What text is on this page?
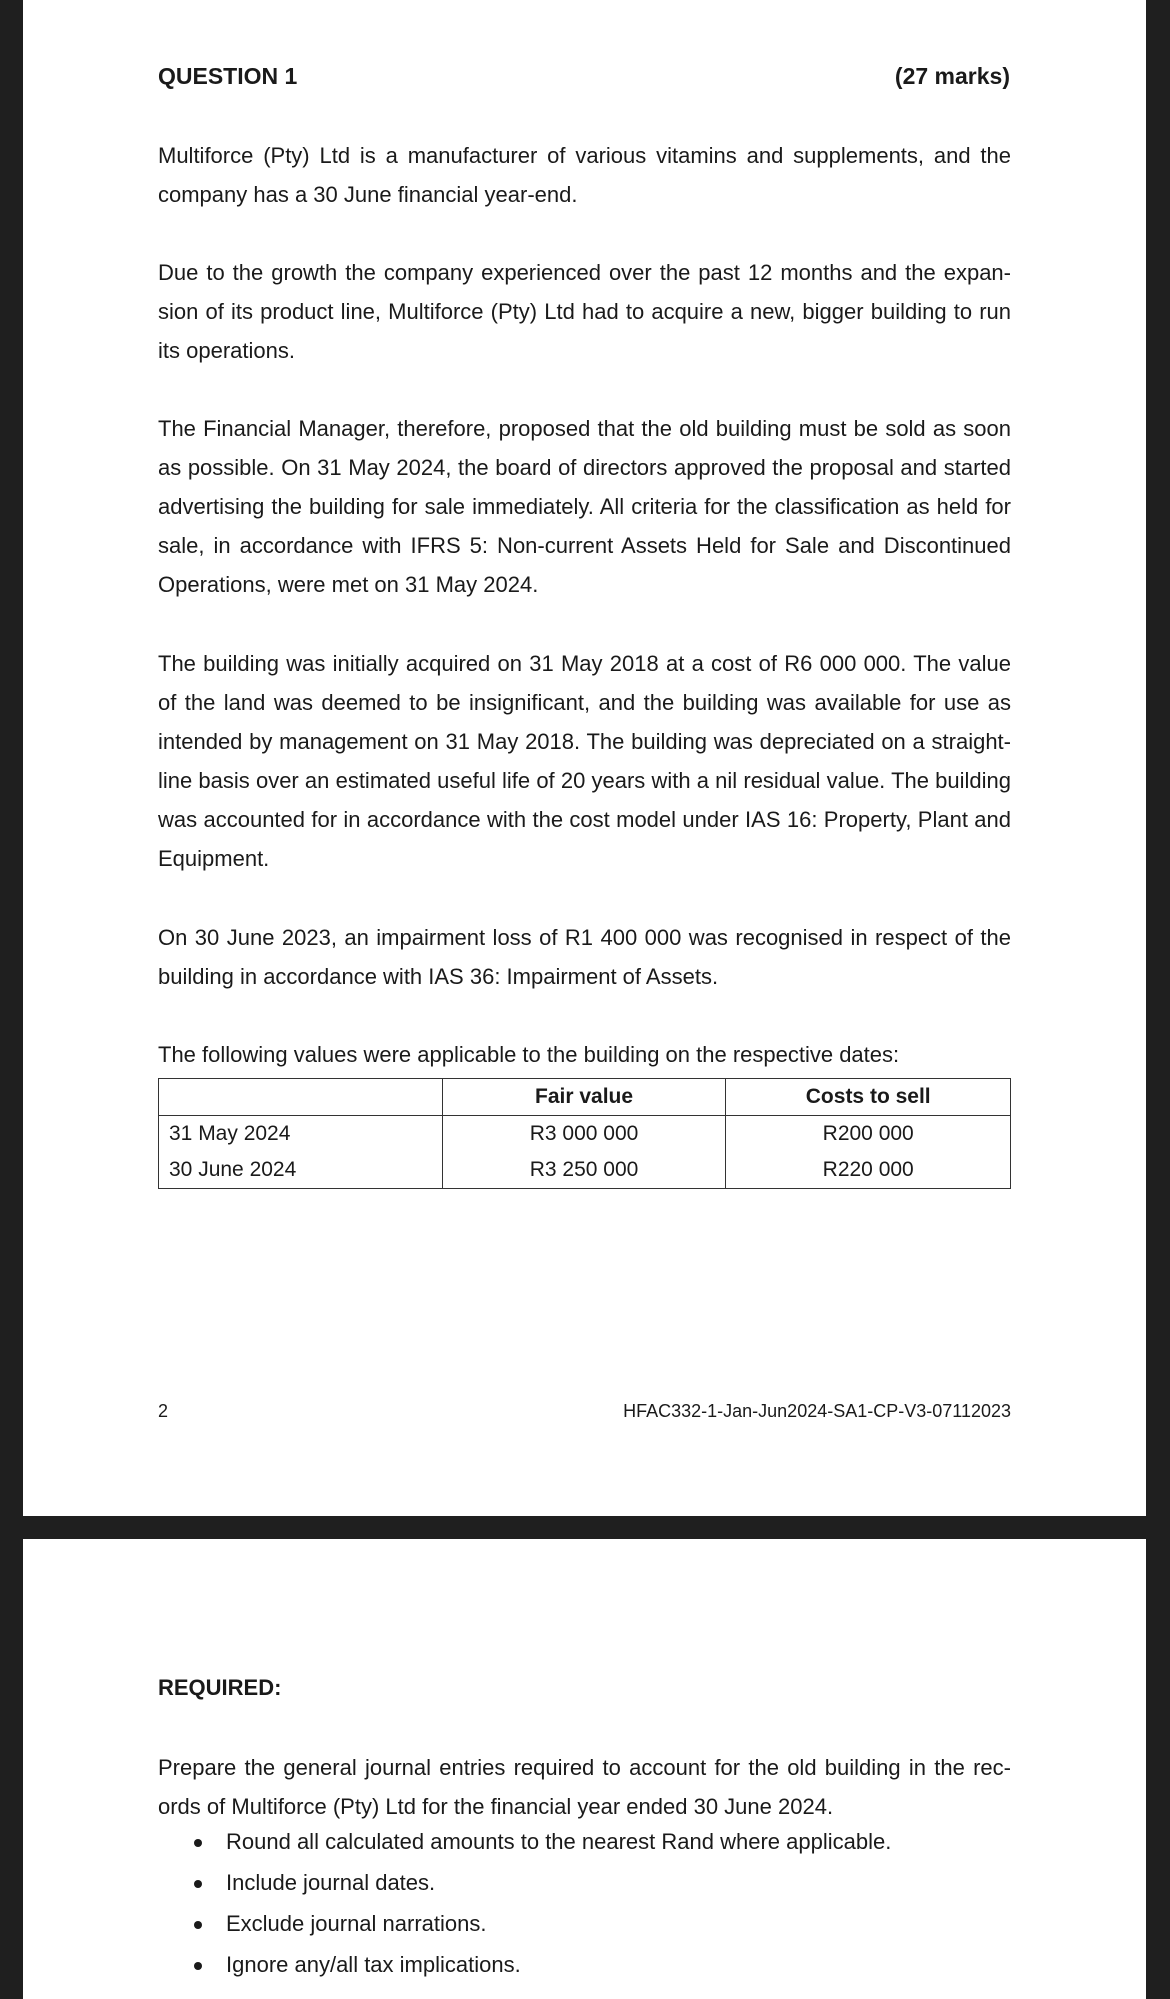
QUESTION 1	(27 marks)

Multiforce (Pty) Ltd is a manufacturer of various vitamins and supplements, and the company has a 30 June financial year-end.

Due to the growth the company experienced over the past 12 months and the expansion of its product line, Multiforce (Pty) Ltd had to acquire a new, bigger building to run its operations.

The Financial Manager, therefore, proposed that the old building must be sold as soon as possible. On 31 May 2024, the board of directors approved the proposal and started advertising the building for sale immediately. All criteria for the classification as held for sale, in accordance with IFRS 5: Non-current Assets Held for Sale and Discontinued Operations, were met on 31 May 2024.

The building was initially acquired on 31 May 2018 at a cost of R6 000 000. The value of the land was deemed to be insignificant, and the building was available for use as intended by management on 31 May 2018. The building was depreciated on a straight-line basis over an estimated useful life of 20 years with a nil residual value. The building was accounted for in accordance with the cost model under IAS 16: Property, Plant and Equipment.

On 30 June 2023, an impairment loss of R1 400 000 was recognised in respect of the building in accordance with IAS 36: Impairment of Assets.

The following values were applicable to the building on the respective dates:

	Fair value	Costs to sell
31 May 2024	R3 000 000	R200 000
30 June 2024	R3 250 000	R220 000
2	HFAC332-1-Jan-Jun2024-SA1-CP-V3-07112023
REQUIRED:

Prepare the general journal entries required to account for the old building in the records of Multiforce (Pty) Ltd for the financial year ended 30 June 2024.

Round all calculated amounts to the nearest Rand where applicable.
Include journal dates.
Exclude journal narrations.
Ignore any/all tax implications.
